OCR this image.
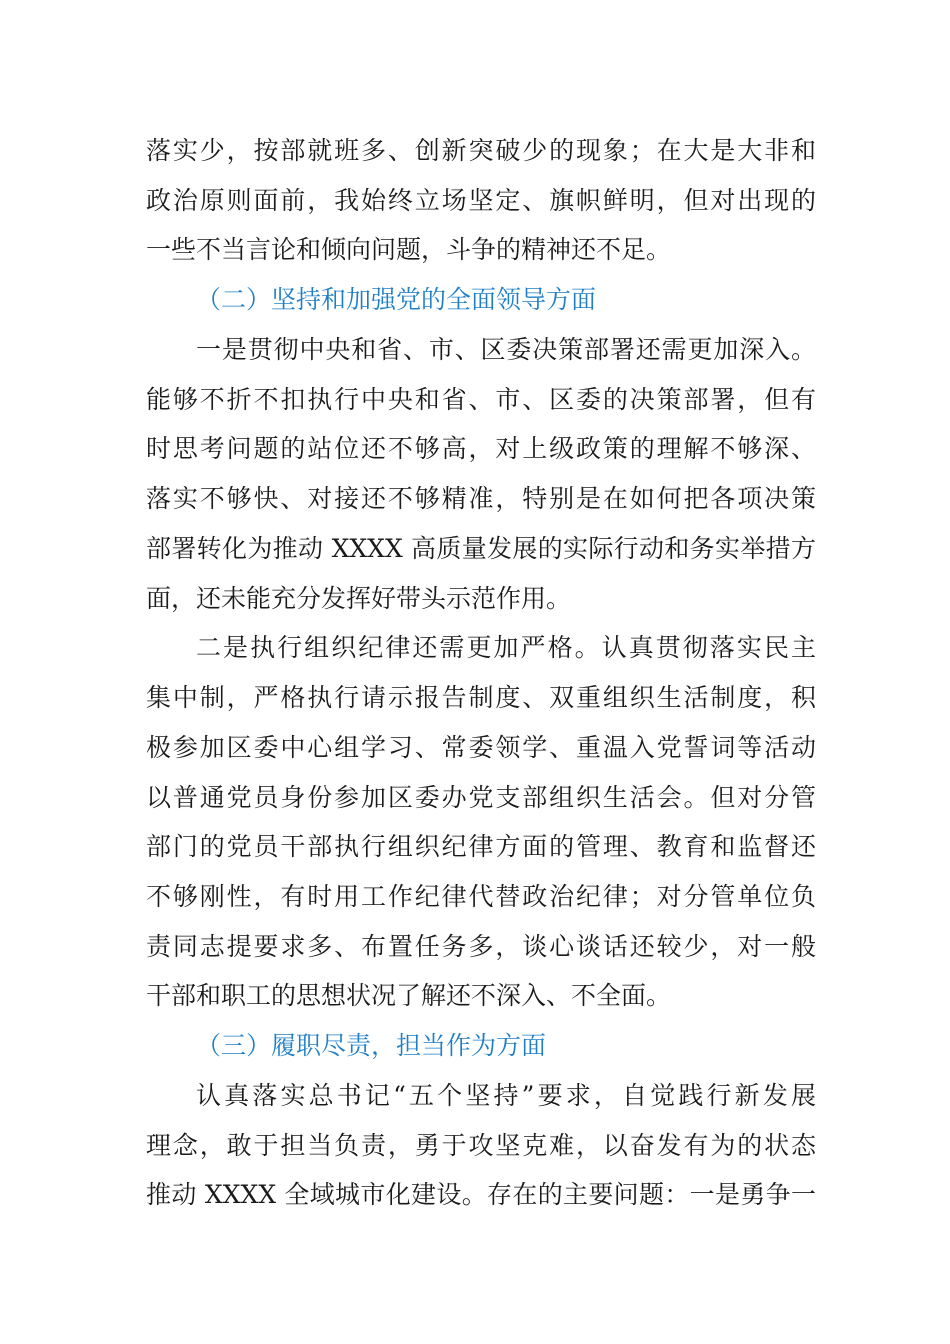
落实少，按部就班多、创新突破少的现象；在大是大非和
政治原则面前，我始终立场坚定、旗帜鲜明，但对出现的
一些不当言论和倾向问题，斗争的精神还不足。
（二）坚持和加强党的全面领导方面
一是贯彻中央和省、市、区委决策部署还需更加深入。
能够不折不扣执行中央和省、市、区委的决策部署，但有
时思考问题的站位还不够高，对上级政策的理解不够深、
落实不够快、对接还不够精准，特别是在如何把各项决策
部署转化为推动 XXXX 高质量发展的实际行动和务实举措方
面，还未能充分发挥好带头示范作用。
二是执行组织纪律还需更加严格。认真贯彻落实民主
集中制，严格执行请示报告制度、双重组织生活制度，积
极参加区委中心组学习、常委领学、重温入党誓词等活动
以普通党员身份参加区委办党支部组织生活会。但对分管
部门的党员干部执行组织纪律方面的管理、教育和监督还
不够刚性，有时用工作纪律代替政治纪律；对分管单位负
责同志提要求多、布置任务多，谈心谈话还较少，对一般
干部和职工的思想状况了解还不深入、不全面。
（三）履职尽责，担当作为方面
认真落实总书记“五个坚持”要求，自觉践行新发展
理念，敢于担当负责，勇于攻坚克难，以奋发有为的状态
推动 XXXX 全域城市化建设。存在的主要问题：一是勇争一
